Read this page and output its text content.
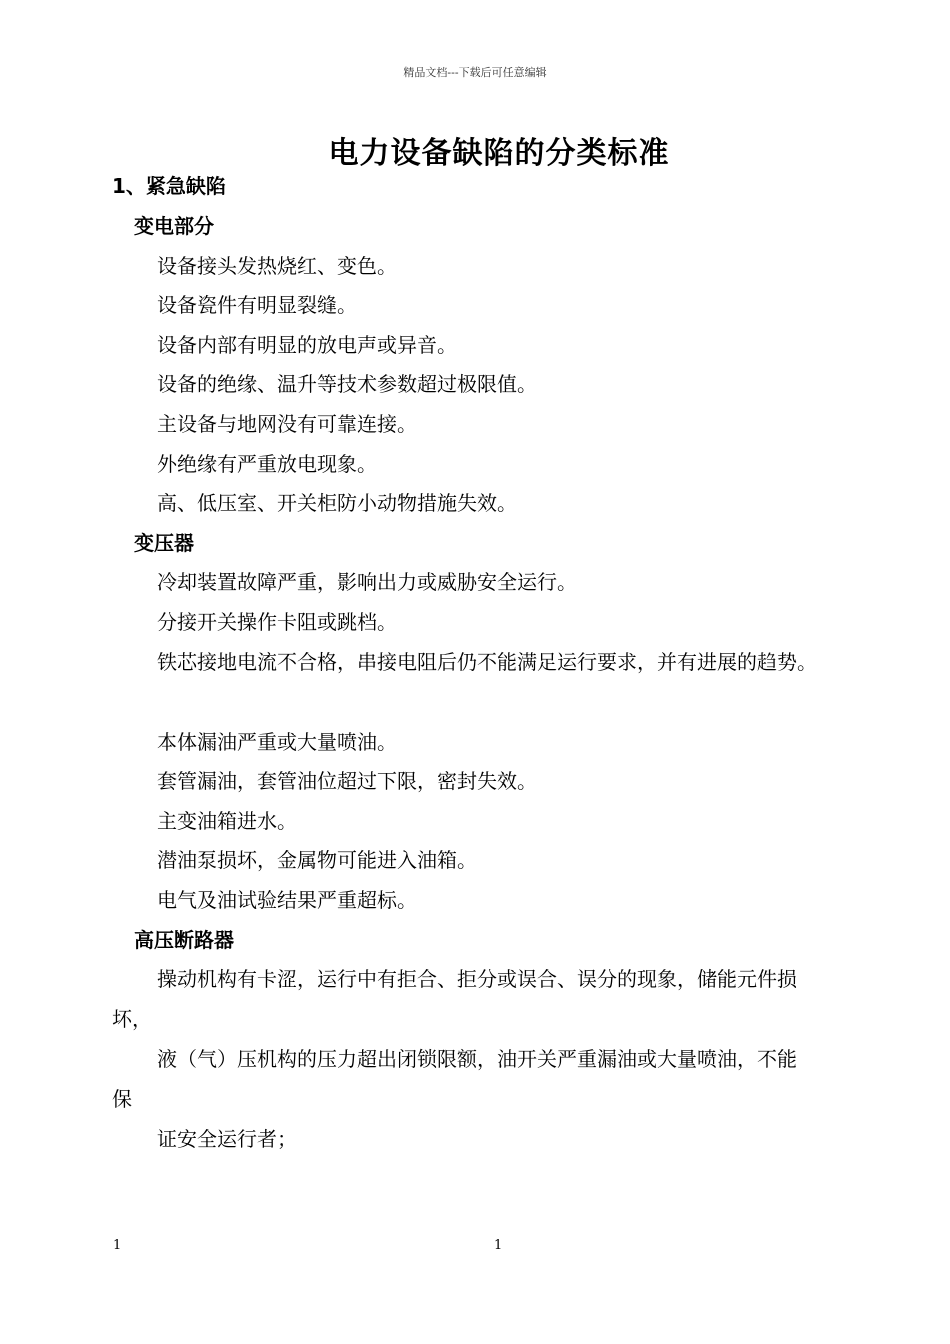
精品文档---下载后可任意编辑
电力设备缺陷的分类标准
1、紧急缺陷
变电部分
设备接头发热烧红、变色。
设备瓷件有明显裂缝。
设备内部有明显的放电声或异音。
设备的绝缘、温升等技术参数超过极限值。
主设备与地网没有可靠连接。
外绝缘有严重放电现象。
高、低压室、开关柜防小动物措施失效。
变压器
冷却装置故障严重，影响出力或威胁安全运行。
分接开关操作卡阻或跳档。
铁芯接地电流不合格，串接电阻后仍不能满足运行要求，并有进展的趋势。
本体漏油严重或大量喷油。
套管漏油，套管油位超过下限，密封失效。
主变油箱进水。
潜油泵损坏，金属物可能进入油箱。
电气及油试验结果严重超标。
高压断路器
操动机构有卡涩，运行中有拒合、拒分或误合、误分的现象，储能元件损
坏，
液（气）压机构的压力超出闭锁限额，油开关严重漏油或大量喷油，不能
保
证安全运行者；
1	1
